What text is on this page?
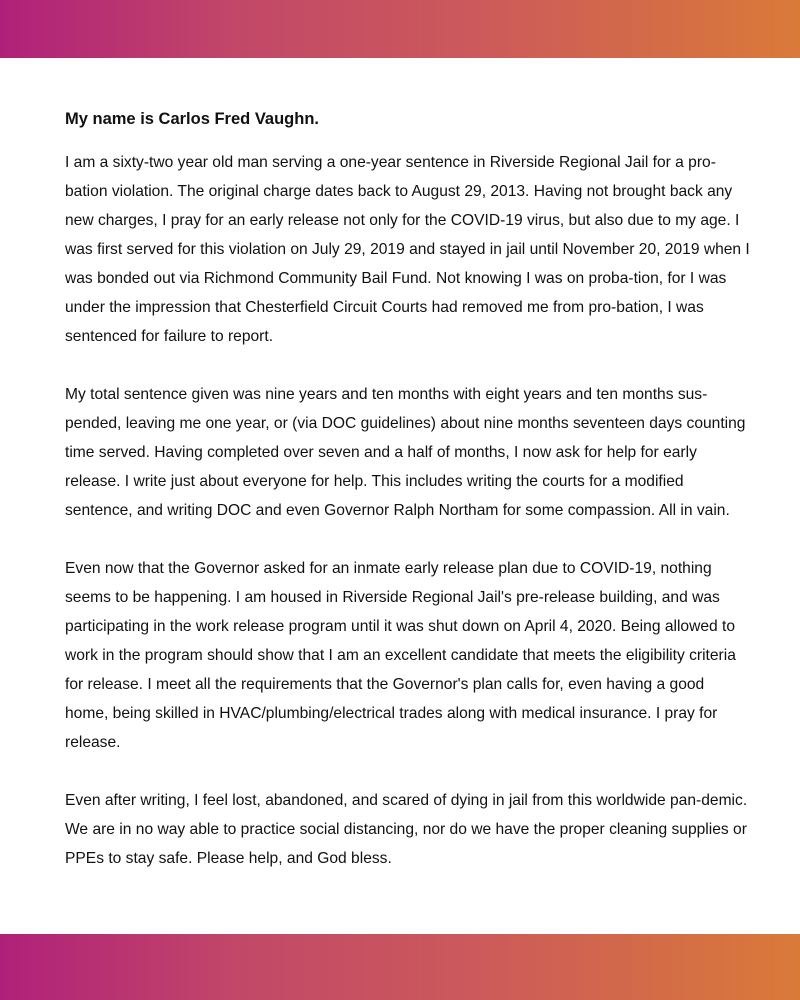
My name is Carlos Fred Vaughn.

I am a sixty-two year old man serving a one-year sentence in Riverside Regional Jail for a pro-bation violation. The original charge dates back to August 29, 2013. Having not brought back any new charges, I pray for an early release not only for the COVID-19 virus, but also due to my age. I was first served for this violation on July 29, 2019 and stayed in jail until November 20, 2019 when I was bonded out via Richmond Community Bail Fund. Not knowing I was on proba-tion, for I was under the impression that Chesterfield Circuit Courts had removed me from pro-bation, I was sentenced for failure to report.

My total sentence given was nine years and ten months with eight years and ten months sus-pended, leaving me one year, or (via DOC guidelines) about nine months seventeen days counting time served. Having completed over seven and a half of months, I now ask for help for early release. I write just about everyone for help. This includes writing the courts for a modified sentence, and writing DOC and even Governor Ralph Northam for some compassion. All in vain.

Even now that the Governor asked for an inmate early release plan due to COVID-19, nothing seems to be happening. I am housed in Riverside Regional Jail's pre-release building, and was participating in the work release program until it was shut down on April 4, 2020. Being allowed to work in the program should show that I am an excellent candidate that meets the eligibility criteria for release. I meet all the requirements that the Governor's plan calls for, even having a good home, being skilled in HVAC/plumbing/electrical trades along with medical insurance. I pray for release.

Even after writing, I feel lost, abandoned, and scared of dying in jail from this worldwide pan-demic. We are in no way able to practice social distancing, nor do we have the proper cleaning supplies or PPEs to stay safe. Please help, and God bless.
